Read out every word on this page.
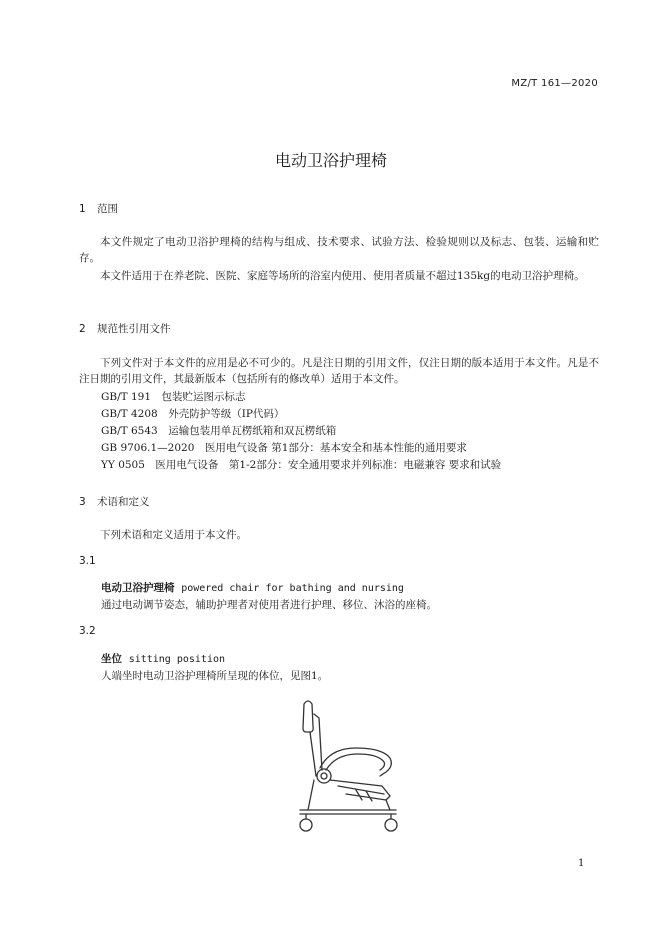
MZ/T 161—2020
电动卫浴护理椅
1 范围
本文件规定了电动卫浴护理椅的结构与组成、技术要求、试验方法、检验规则以及标志、包装、运输和贮存。
本文件适用于在养老院、医院、家庭等场所的浴室内使用、使用者质量不超过135kg的电动卫浴护理椅。
2 规范性引用文件
下列文件对于本文件的应用是必不可少的。凡是注日期的引用文件，仅注日期的版本适用于本文件。凡是不注日期的引用文件，其最新版本（包括所有的修改单）适用于本文件。
GB/T 191　包装贮运图示标志
GB/T 4208　外壳防护等级（IP代码）
GB/T 6543　运输包装用单瓦楞纸箱和双瓦楞纸箱
GB 9706.1—2020　医用电气设备 第1部分：基本安全和基本性能的通用要求
YY 0505　医用电气设备　第1-2部分：安全通用要求并列标准：电磁兼容 要求和试验
3 术语和定义
下列术语和定义适用于本文件。
3.1
电动卫浴护理椅 powered chair for bathing and nursing
通过电动调节姿态，辅助护理者对使用者进行护理、移位、沐浴的座椅。
3.2
坐位 sitting position
人端坐时电动卫浴护理椅所呈现的体位，见图1。
1
